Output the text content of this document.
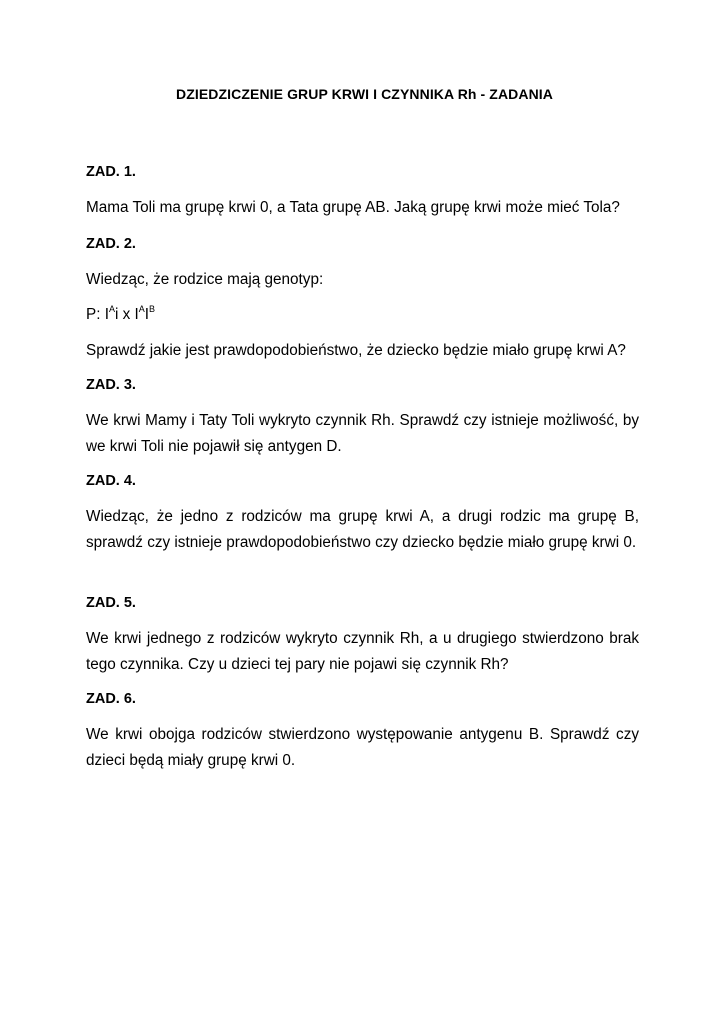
DZIEDZICZENIE GRUP KRWI I CZYNNIKA Rh - ZADANIA

ZAD. 1.

Mama Toli ma grupę krwi 0, a Tata grupę AB. Jaką grupę krwi może mieć Tola?

ZAD. 2.

Wiedząc, że rodzice mają genotyp:

P: $I^Ai$ x $I^AI^B$

Sprawdź jakie jest prawdopodobieństwo, że dziecko będzie miało grupę krwi A?

ZAD. 3.

We krwi Mamy i Taty Toli wykryto czynnik Rh. Sprawdź czy istnieje możliwość, by we krwi Toli nie pojawił się antygen D.

ZAD. 4.

Wiedząc, że jedno z rodziców ma grupę krwi A, a drugi rodzic ma grupę B, sprawdź czy istnieje prawdopodobieństwo czy dziecko będzie miało grupę krwi 0.

ZAD. 5.

We krwi jednego z rodziców wykryto czynnik Rh, a u drugiego stwierdzono brak tego czynnika. Czy u dzieci tej pary nie pojawi się czynnik Rh?

ZAD. 6.

We krwi obojga rodziców stwierdzono występowanie antygenu B. Sprawdź czy dzieci będą miały grupę krwi 0.
